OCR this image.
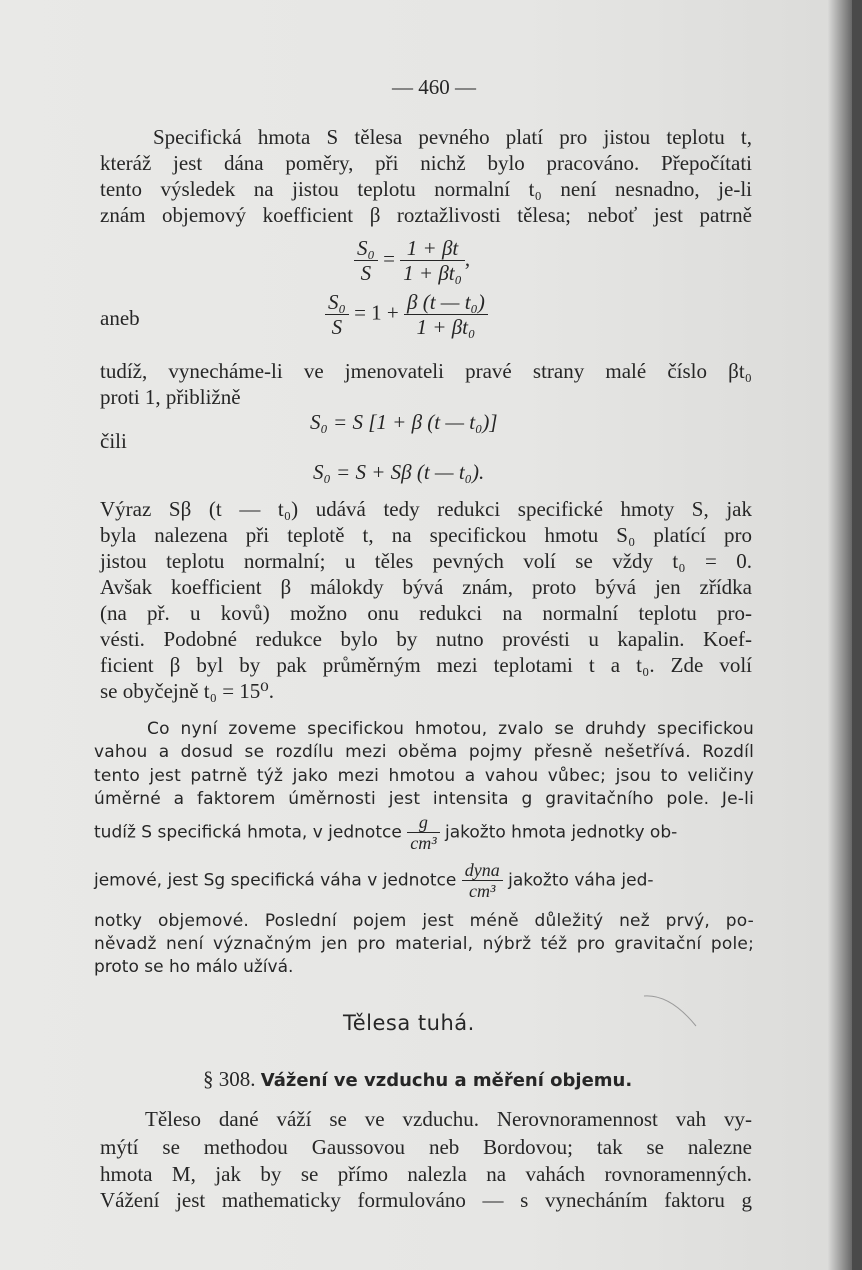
— 460 —
Specifická hmota S tělesa pevného platí pro jistou teplotu t,
kteráž jest dána poměry, při nichž bylo pracováno. Přepočítati
tento výsledek na jistou teplotu normalní t₀ není nesnadno, je-li
znám objemový koefficient β roztažlivosti tělesa; neboť jest patrně
$\frac{\text{S₀}}{S} = \frac{1 + \beta t}{\text{1 + βt₀}}$ ,
aneb	$\frac{\text{S₀}}{S} = 1 + \frac{\text{β (t — t₀)}}{\text{1 + βt₀}}$
tudíž, vynecháme-li ve jmenovateli pravé strany malé číslo βt₀
proti 1, přibližně
S₀ = S [1 + β (t — t₀)]
čili
S₀ = S + Sβ (t — t₀).
Výraz Sβ (t — t₀) udává tedy redukci specifické hmoty S, jak
byla nalezena při teplotě t, na specifickou hmotu S₀ platící pro
jistou teplotu normalní; u těles pevných volí se vždy t₀ = 0.
Avšak koefficient β málokdy bývá znám, proto bývá jen zřídka
(na př. u kovů) možno onu redukci na normalní teplotu pro-
vésti. Podobné redukce bylo by nutno provésti u kapalin. Koef-
ficient β byl by pak průměrným mezi teplotami t a t₀. Zde volí
se obyčejně t₀ = 15⁰.
Co nyní zoveme specifickou hmotou, zvalo se druhdy specifickou
vahou a dosud se rozdílu mezi oběma pojmy přesně nešetřívá. Rozdíl
tento jest patrně týž jako mezi hmotou a vahou vůbec; jsou to veličiny
úměrné a faktorem úměrnosti jest intensita g gravitačního pole. Je-li
tudíž S specifická hmota, v jednotce $\frac{g}{\text{cm³}}$ jakožto hmota jednotky ob-
jemové, jest Sg specifická váha v jednotce $\frac{\text{dyna}}{\text{cm³}}$ jakožto váha jed-
notky objemové. Poslední pojem jest méně důležitý než prvý, po-
něvadž není význačným jen pro material, nýbrž též pro gravitační pole;
proto se ho málo užívá.
Tělesa tuhá.
§ 308. Vážení ve vzduchu a měření objemu.
Těleso dané váží se ve vzduchu. Nerovnoramennost vah vy-
mýtí se methodou Gaussovou neb Bordovou; tak se nalezne
hmota M, jak by se přímo nalezla na vahách rovnoramenných.
Vážení jest mathematicky formulováno — s vynecháním faktoru g
